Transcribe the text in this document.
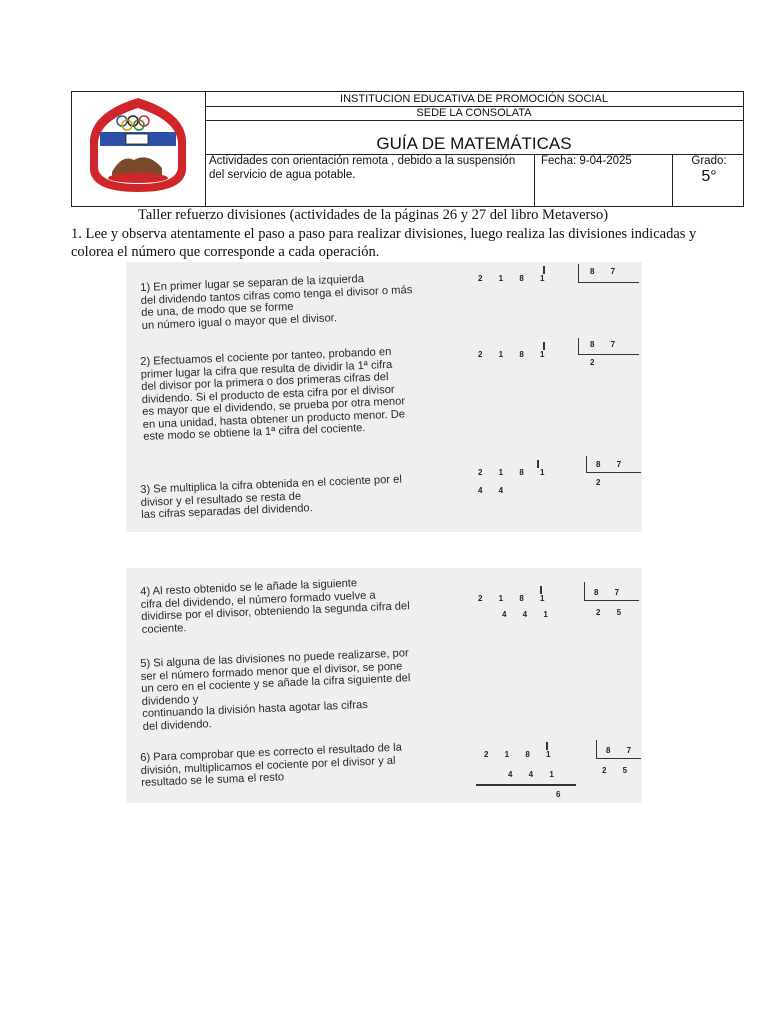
INSTITUCION EDUCATIVA DE PROMOCIÓN SOCIAL
SEDE LA CONSOLATA
GUÍA DE MATEMÁTICAS
Actividades con orientación remota , debido a la suspensión del servicio de agua potable.
Fecha: 9-04-2025	Grado:
5°
Taller refuerzo divisiones (actividades de la páginas 26 y 27 del libro Metaverso)
1. Lee y observa atentamente el paso a paso para realizar divisiones, luego realiza las divisiones indicadas y colorea el número que corresponde a cada operación.
1) En primer lugar se separan de la izquierda
del dividendo tantos cifras como tenga el divisor o más
de una, de modo que se forme
un número igual o mayor que el divisor.
2 1 8 1
8 7
2) Efectuamos el cociente por tanteo, probando en
primer lugar la cifra que resulta de dividir la 1ª cifra
del divisor por la primera o dos primeras cifras del
dividendo. Si el producto de esta cifra por el divisor
es mayor que el dividendo, se prueba por otra menor
en una unidad, hasta obtener un producto menor. De
este modo se obtiene la 1ª cifra del cociente.
2 1 8 1
8 7
2
3) Se multiplica la cifra obtenida en el cociente por el
divisor y el resultado se resta de
las cifras separadas del dividendo.
2 1 8 1
4 4
8 7
2
4) Al resto obtenido se le añade la siguiente
cifra del dividendo, el número formado vuelve a
dividirse por el divisor, obteniendo la segunda cifra del
cociente.
2 1 8 1
4 4 1
8 7
2 5
5) Si alguna de las divisiones no puede realizarse, por
ser el número formado menor que el divisor, se pone
un cero en el cociente y se añade la cifra siguiente del
dividendo y
continuando la división hasta agotar las cifras
del dividendo.
6) Para comprobar que es correcto el resultado de la
división, multiplicamos el cociente por el divisor y al
resultado se le suma el resto
2 1 8 1
4 4 1
6
8 7
2 5
